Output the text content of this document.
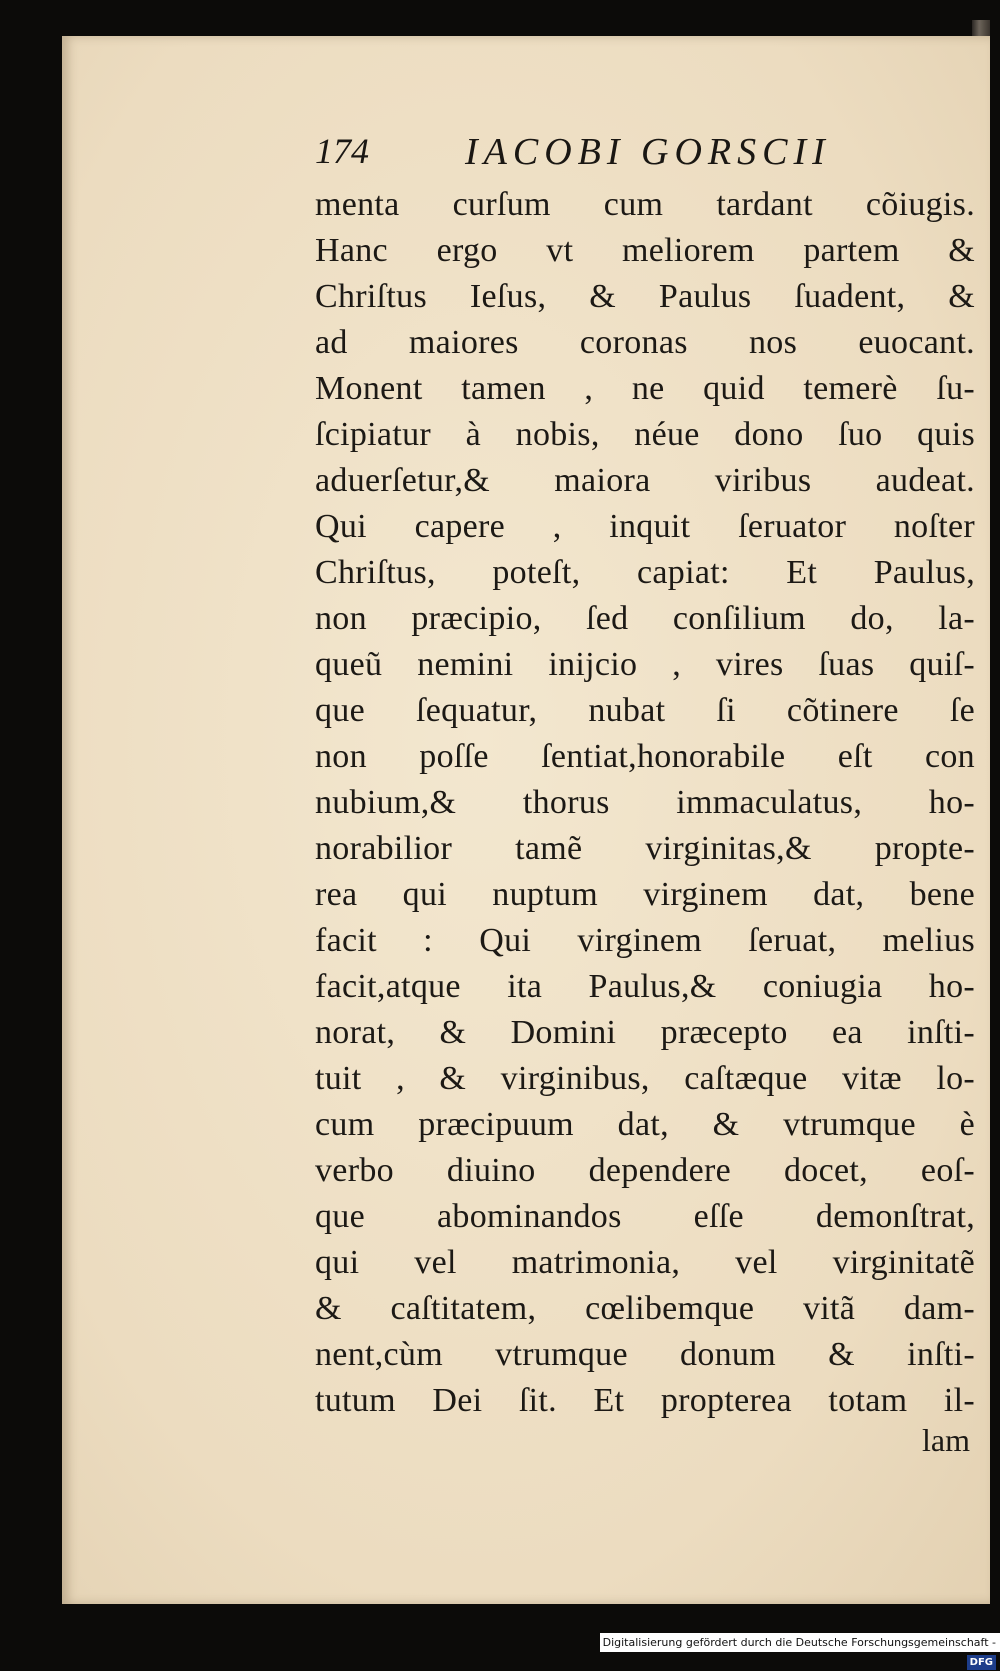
174	IACOBI GORSCII
menta curſum cum tardant cõiugis.
Hanc ergo vt meliorem partem &
Chriſtus Ieſus, & Paulus ſuadent, &
ad maiores coronas nos euocant.
Monent tamen , ne quid temerè ſu-
ſcipiatur à nobis, néue dono ſuo quis
aduerſetur,& maiora viribus audeat.
Qui capere , inquit ſeruator noſter
Chriſtus, poteſt, capiat: Et Paulus,
non præcipio, ſed conſilium do, la-
queũ nemini inijcio , vires ſuas quiſ-
que ſequatur, nubat ſi cõtinere ſe
non poſſe ſentiat,honorabile eſt con
nubium,& thorus immaculatus, ho-
norabilior tamẽ virginitas,& propte-
rea qui nuptum virginem dat, bene
facit : Qui virginem ſeruat, melius
facit,atque ita Paulus,& coniugia ho-
norat, & Domini præcepto ea inſti-
tuit , & virginibus, caſtæque vitæ lo-
cum præcipuum dat, & vtrumque è
verbo diuino dependere docet, eoſ-
que abominandos eſſe demonſtrat,
qui vel matrimonia, vel virginitatẽ
& caſtitatem, cœlibemque vitã dam-
nent,cùm vtrumque donum & inſti-
tutum Dei ſit. Et propterea totam il-
lam
Digitalisierung gefördert durch die Deutsche Forschungsgemeinschaft -DFG
